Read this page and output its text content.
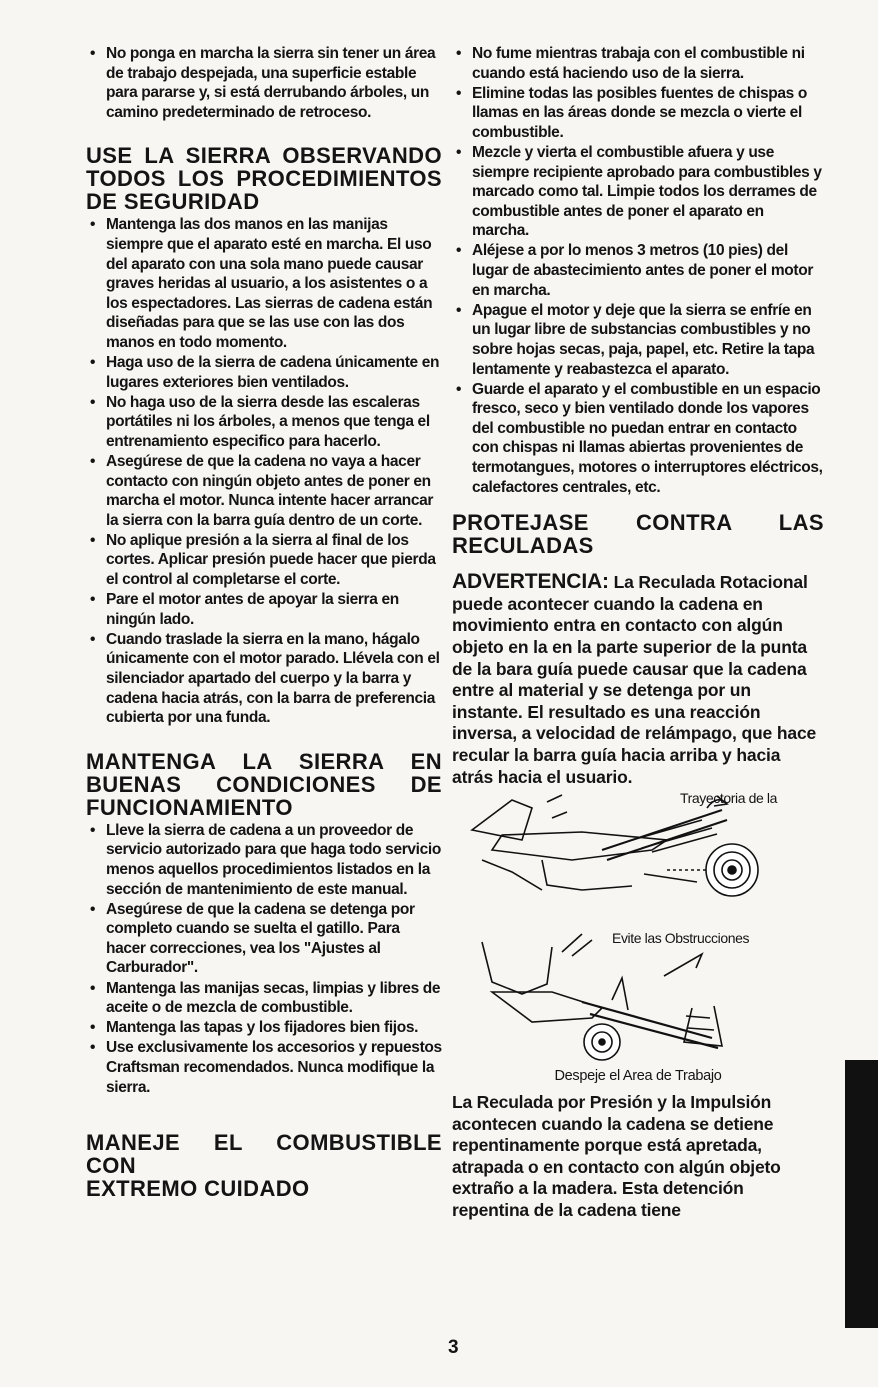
• No ponga en marcha la sierra sin tener un área de trabajo despejada, una superficie estable para pararse y, si está derrubando árboles, un camino predeterminado de retroceso.
USE LA SIERRA OBSERVANDO
TODOS LOS PROCEDIMIENTOS
DE SEGURIDAD
• Mantenga las dos manos en las manijas siempre que el aparato esté en marcha. El uso del aparato con una sola mano puede causar graves heridas al usuario, a los asistentes o a los espectadores. Las sierras de cadena están diseñadas para que se las use con las dos manos en todo momento.
• Haga uso de la sierra de cadena únicamente en lugares exteriores bien ventilados.
• No haga uso de la sierra desde las escaleras portátiles ni los árboles, a menos que tenga el entrenamiento especifico para hacerlo.
• Asegúrese de que la cadena no vaya a hacer contacto con ningún objeto antes de poner en marcha el motor. Nunca intente hacer arrancar la sierra con la barra guía dentro de un corte.
• No aplique presión a la sierra al final de los cortes. Aplicar presión puede hacer que pierda el control al completarse el corte.
• Pare el motor antes de apoyar la sierra en ningún lado.
• Cuando traslade la sierra en la mano, hágalo únicamente con el motor parado. Llévela con el silenciador apartado del cuerpo y la barra y cadena hacia atrás, con la barra de preferencia cubierta por una funda.
MANTENGA LA SIERRA EN
BUENAS CONDICIONES DE
FUNCIONAMIENTO
• Lleve la sierra de cadena a un proveedor de servicio autorizado para que haga todo servicio menos aquellos procedimientos listados en la sección de mantenimiento de este manual.
• Asegúrese de que la cadena se detenga por completo cuando se suelta el gatillo. Para hacer correcciones, vea los "Ajustes al Carburador".
• Mantenga las manijas secas, limpias y libres de aceite o de mezcla de combustible.
• Mantenga las tapas y los fijadores bien fijos.
• Use exclusivamente los accesorios y repuestos Craftsman recomendados. Nunca modifique la sierra.
MANEJE EL COMBUSTIBLE CON
EXTREMO CUIDADO
• No fume mientras trabaja con el combustible ni cuando está haciendo uso de la sierra.
• Elimine todas las posibles fuentes de chispas o llamas en las áreas donde se mezcla o vierte el combustible.
• Mezcle y vierta el combustible afuera y use siempre recipiente aprobado para combustibles y marcado como tal. Limpie todos los derrames de combustible antes de poner el aparato en marcha.
• Aléjese a por lo menos 3 metros (10 pies) del lugar de abastecimiento antes de poner el motor en marcha.
• Apague el motor y deje que la sierra se enfríe en un lugar libre de substancias combustibles y no sobre hojas secas, paja, papel, etc. Retire la tapa lentamente y reabastezca el aparato.
• Guarde el aparato y el combustible en un espacio fresco, seco y bien ventilado donde los vapores del combustible no puedan entrar en contacto con chispas ni llamas abiertas provenientes de termotangues, motores o interruptores eléctricos, calefactores centrales, etc.
PROTEJASE CONTRA LAS
RECULADAS

ADVERTENCIA: La Reculada Rotacional puede acontecer cuando la cadena en movimiento entra en contacto con algún objeto en la en la parte superior de la punta de la bara guía puede causar que la cadena entre al material y se detenga por un instante. El resultado es una reacción inversa, a velocidad de relámpago, que hace recular la barra guía hacia arriba y hacia atrás hacia el usuario.

Trayectoria de la
Evite las Obstrucciones
Despeje el Area de Trabajo

La Reculada por Presión y la Impulsión acontecen cuando la cadena se detiene repentinamente porque está apretada, atrapada o en contacto con algún objeto extraño a la madera. Esta detención repentina de la cadena tiene

3
